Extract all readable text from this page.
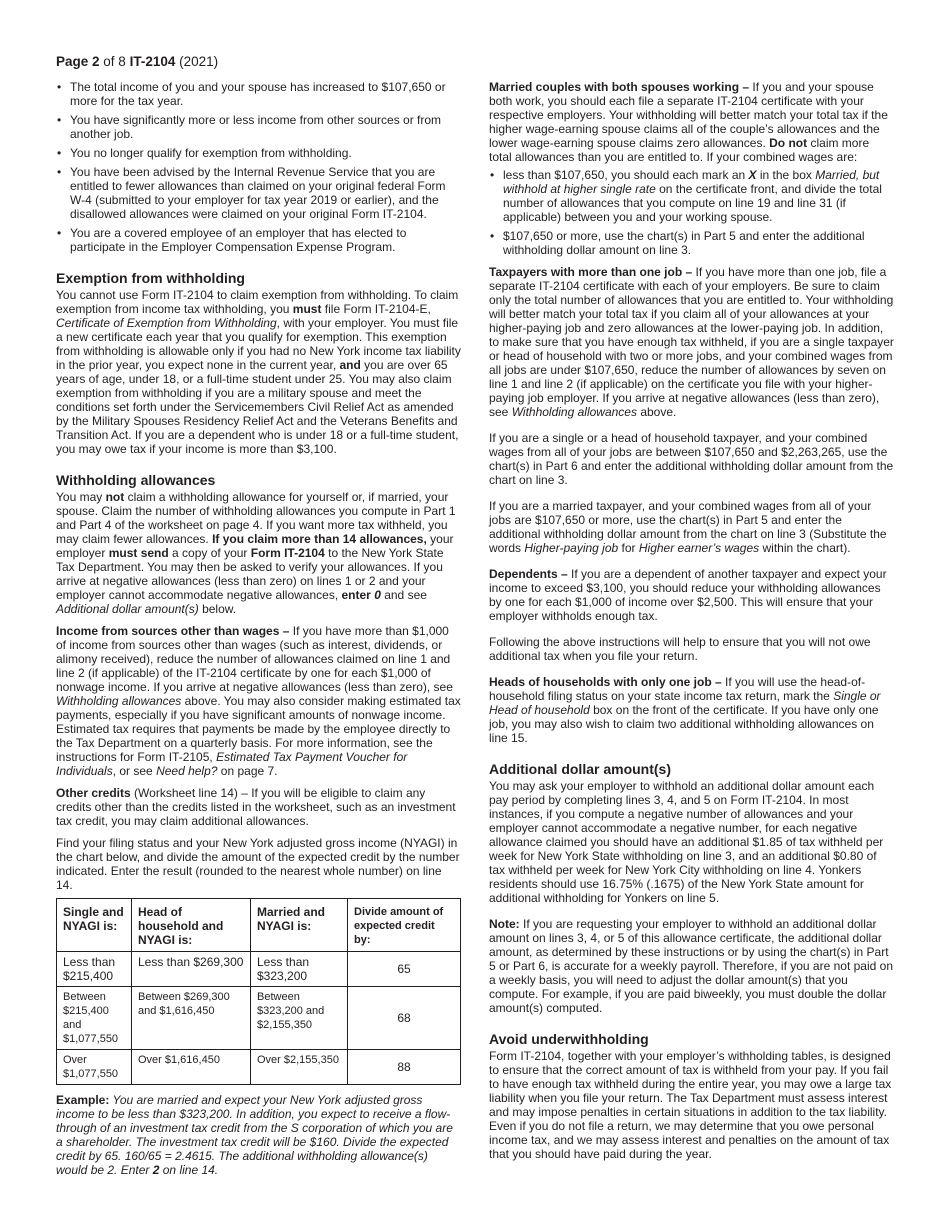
Page 2 of 8 IT-2104 (2021)
• The total income of you and your spouse has increased to $107,650 or more for the tax year.
• You have significantly more or less income from other sources or from another job.
• You no longer qualify for exemption from withholding.
• You have been advised by the Internal Revenue Service that you are entitled to fewer allowances than claimed on your original federal Form W-4 (submitted to your employer for tax year 2019 or earlier), and the disallowed allowances were claimed on your original Form IT-2104.
• You are a covered employee of an employer that has elected to participate in the Employer Compensation Expense Program.
Exemption from withholding

You cannot use Form IT-2104 to claim exemption from withholding. To claim exemption from income tax withholding, you must file Form IT-2104-E, Certificate of Exemption from Withholding, with your employer. You must file a new certificate each year that you qualify for exemption. This exemption from withholding is allowable only if you had no New York income tax liability in the prior year, you expect none in the current year, and you are over 65 years of age, under 18, or a full-time student under 25. You may also claim exemption from withholding if you are a military spouse and meet the conditions set forth under the Servicemembers Civil Relief Act as amended by the Military Spouses Residency Relief Act and the Veterans Benefits and Transition Act. If you are a dependent who is under 18 or a full-time student, you may owe tax if your income is more than $3,100.

Withholding allowances

You may not claim a withholding allowance for yourself or, if married, your spouse. Claim the number of withholding allowances you compute in Part 1 and Part 4 of the worksheet on page 4. If you want more tax withheld, you may claim fewer allowances. If you claim more than 14 allowances, your employer must send a copy of your Form IT-2104 to the New York State Tax Department. You may then be asked to verify your allowances. If you arrive at negative allowances (less than zero) on lines 1 or 2 and your employer cannot accommodate negative allowances, enter 0 and see Additional dollar amount(s) below.

Income from sources other than wages – If you have more than $1,000 of income from sources other than wages (such as interest, dividends, or alimony received), reduce the number of allowances claimed on line 1 and line 2 (if applicable) of the IT-2104 certificate by one for each $1,000 of nonwage income. If you arrive at negative allowances (less than zero), see Withholding allowances above. You may also consider making estimated tax payments, especially if you have significant amounts of nonwage income. Estimated tax requires that payments be made by the employee directly to the Tax Department on a quarterly basis. For more information, see the instructions for Form IT-2105, Estimated Tax Payment Voucher for Individuals, or see Need help? on page 7.

Other credits (Worksheet line 14) – If you will be eligible to claim any credits other than the credits listed in the worksheet, such as an investment tax credit, you may claim additional allowances.

Find your filing status and your New York adjusted gross income (NYAGI) in the chart below, and divide the amount of the expected credit by the number indicated. Enter the result (rounded to the nearest whole number) on line 14.

Single and NYAGI is:	Head of household and NYAGI is:	Married and NYAGI is:	Divide amount of expected credit by:
Less than $215,400	Less than $269,300	Less than $323,200	65
Between $215,400 and $1,077,550	Between $269,300 and $1,616,450	Between $323,200 and $2,155,350	68
Over $1,077,550	Over $1,616,450	Over $2,155,350	88

Example: You are married and expect your New York adjusted gross income to be less than $323,200. In addition, you expect to receive a flow-through of an investment tax credit from the S corporation of which you are a shareholder. The investment tax credit will be $160. Divide the expected credit by 65. 160/65 = 2.4615. The additional withholding allowance(s) would be 2. Enter 2 on line 14.

Married couples with both spouses working – If you and your spouse both work, you should each file a separate IT-2104 certificate with your respective employers. Your withholding will better match your total tax if the higher wage-earning spouse claims all of the couple’s allowances and the lower wage-earning spouse claims zero allowances. Do not claim more total allowances than you are entitled to. If your combined wages are:

• less than $107,650, you should each mark an X in the box Married, but withhold at higher single rate on the certificate front, and divide the total number of allowances that you compute on line 19 and line 31 (if applicable) between you and your working spouse.
• $107,650 or more, use the chart(s) in Part 5 and enter the additional withholding dollar amount on line 3.

Taxpayers with more than one job – If you have more than one job, file a separate IT-2104 certificate with each of your employers. Be sure to claim only the total number of allowances that you are entitled to. Your withholding will better match your total tax if you claim all of your allowances at your higher-paying job and zero allowances at the lower-paying job. In addition, to make sure that you have enough tax withheld, if you are a single taxpayer or head of household with two or more jobs, and your combined wages from all jobs are under $107,650, reduce the number of allowances by seven on line 1 and line 2 (if applicable) on the certificate you file with your higher-paying job employer. If you arrive at negative allowances (less than zero), see Withholding allowances above.

If you are a single or a head of household taxpayer, and your combined wages from all of your jobs are between $107,650 and $2,263,265, use the chart(s) in Part 6 and enter the additional withholding dollar amount from the chart on line 3.

If you are a married taxpayer, and your combined wages from all of your jobs are $107,650 or more, use the chart(s) in Part 5 and enter the additional withholding dollar amount from the chart on line 3 (Substitute the words Higher-paying job for Higher earner’s wages within the chart).

Dependents – If you are a dependent of another taxpayer and expect your income to exceed $3,100, you should reduce your withholding allowances by one for each $1,000 of income over $2,500. This will ensure that your employer withholds enough tax.

Following the above instructions will help to ensure that you will not owe additional tax when you file your return.

Heads of households with only one job – If you will use the head-of-household filing status on your state income tax return, mark the Single or Head of household box on the front of the certificate. If you have only one job, you may also wish to claim two additional withholding allowances on line 15.

Additional dollar amount(s)

You may ask your employer to withhold an additional dollar amount each pay period by completing lines 3, 4, and 5 on Form IT-2104. In most instances, if you compute a negative number of allowances and your employer cannot accommodate a negative number, for each negative allowance claimed you should have an additional $1.85 of tax withheld per week for New York State withholding on line 3, and an additional $0.80 of tax withheld per week for New York City withholding on line 4. Yonkers residents should use 16.75% (.1675) of the New York State amount for additional withholding for Yonkers on line 5.

Note: If you are requesting your employer to withhold an additional dollar amount on lines 3, 4, or 5 of this allowance certificate, the additional dollar amount, as determined by these instructions or by using the chart(s) in Part 5 or Part 6, is accurate for a weekly payroll. Therefore, if you are not paid on a weekly basis, you will need to adjust the dollar amount(s) that you compute. For example, if you are paid biweekly, you must double the dollar amount(s) computed.

Avoid underwithholding

Form IT-2104, together with your employer’s withholding tables, is designed to ensure that the correct amount of tax is withheld from your pay. If you fail to have enough tax withheld during the entire year, you may owe a large tax liability when you file your return. The Tax Department must assess interest and may impose penalties in certain situations in addition to the tax liability. Even if you do not file a return, we may determine that you owe personal income tax, and we may assess interest and penalties on the amount of tax that you should have paid during the year.
